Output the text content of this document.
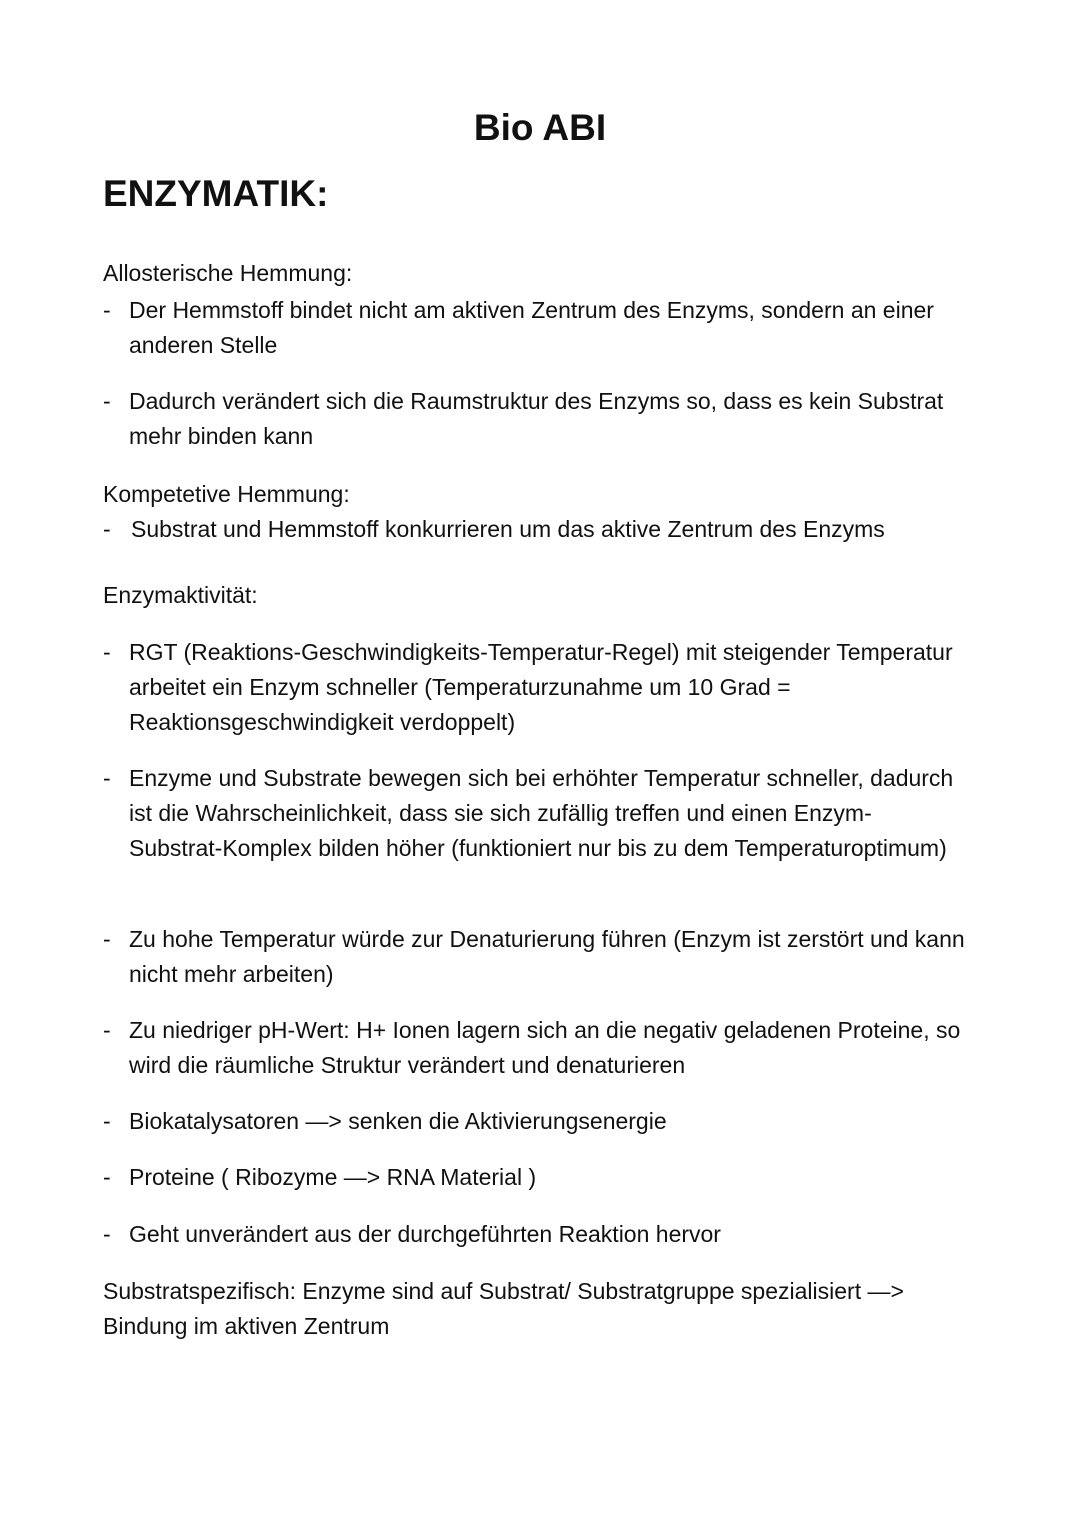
Bio ABI
ENZYMATIK:
Allosterische Hemmung:
- Der Hemmstoff bindet nicht am aktiven Zentrum des Enzyms, sondern an einer anderen Stelle
- Dadurch verändert sich die Raumstruktur des Enzyms so, dass es kein Substrat mehr binden kann
Kompetetive Hemmung:
- Substrat und Hemmstoff konkurrieren um das aktive Zentrum des Enzyms
Enzymaktivität:
- RGT (Reaktions-Geschwindigkeits-Temperatur-Regel) mit steigender Temperatur arbeitet ein Enzym schneller (Temperaturzunahme um 10 Grad = Reaktionsgeschwindigkeit verdoppelt)
- Enzyme und Substrate bewegen sich bei erhöhter Temperatur schneller, dadurch ist die Wahrscheinlichkeit, dass sie sich zufällig treffen und einen Enzym-Substrat-Komplex bilden höher (funktioniert nur bis zu dem Temperaturoptimum)
- Zu hohe Temperatur würde zur Denaturierung führen (Enzym ist zerstört und kann nicht mehr arbeiten)
- Zu niedriger pH-Wert: H+ Ionen lagern sich an die negativ geladenen Proteine, so wird die räumliche Struktur verändert und denaturieren
- Biokatalysatoren —> senken die Aktivierungsenergie
- Proteine ( Ribozyme —> RNA Material )
- Geht unverändert aus der durchgeführten Reaktion hervor

Substratspezifisch: Enzyme sind auf Substrat/ Substratgruppe spezialisiert —> Bindung im aktiven Zentrum
